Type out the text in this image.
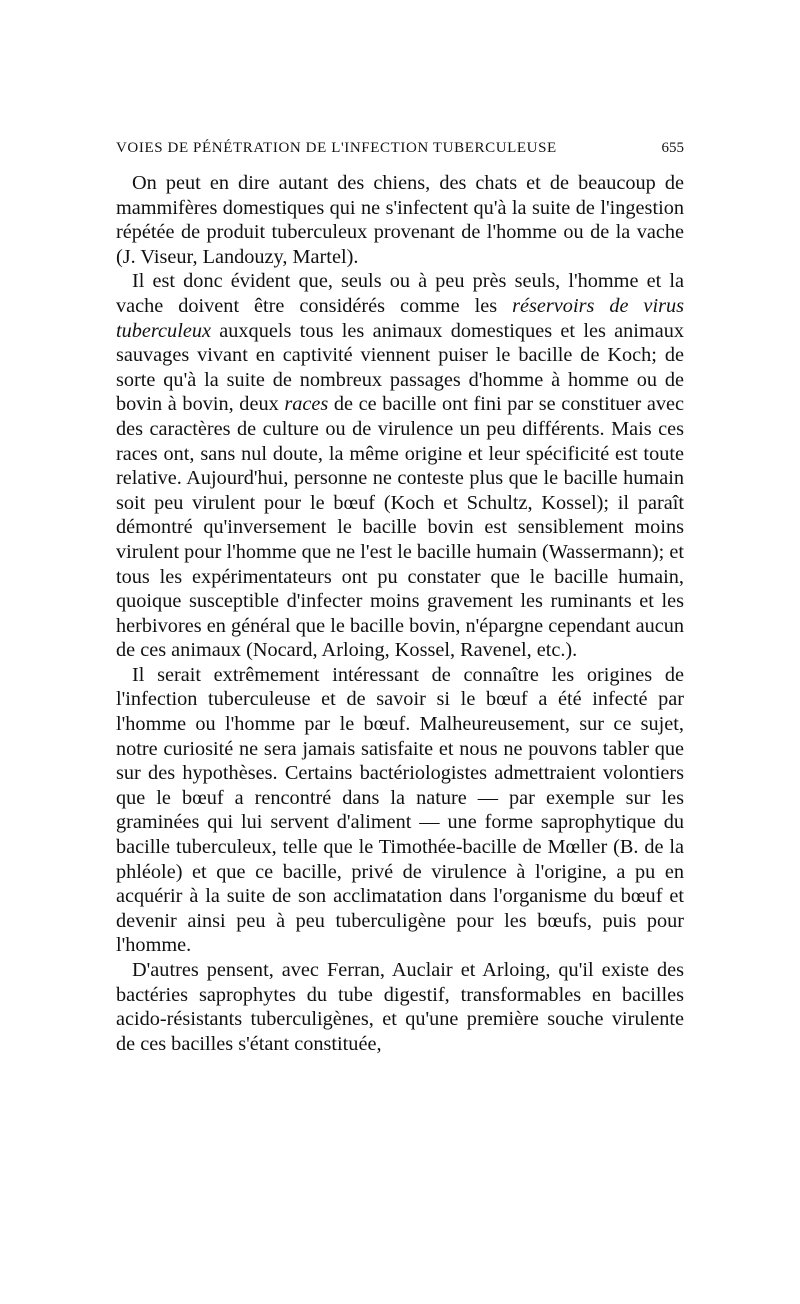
VOIES DE PÉNÉTRATION DE L'INFECTION TUBERCULEUSE	655

On peut en dire autant des chiens, des chats et de beaucoup de mammifères domestiques qui ne s'infectent qu'à la suite de l'ingestion répétée de produit tuberculeux provenant de l'homme ou de la vache (J. Viseur, Landouzy, Martel).

Il est donc évident que, seuls ou à peu près seuls, l'homme et la vache doivent être considérés comme les réservoirs de virus tuberculeux auxquels tous les animaux domestiques et les animaux sauvages vivant en captivité viennent puiser le bacille de Koch; de sorte qu'à la suite de nombreux passages d'homme à homme ou de bovin à bovin, deux races de ce bacille ont fini par se constituer avec des caractères de culture ou de virulence un peu différents. Mais ces races ont, sans nul doute, la même origine et leur spécificité est toute relative. Aujourd'hui, personne ne conteste plus que le bacille humain soit peu virulent pour le bœuf (Koch et Schultz, Kossel); il paraît démontré qu'inversement le bacille bovin est sensiblement moins virulent pour l'homme que ne l'est le bacille humain (Wassermann); et tous les expérimentateurs ont pu constater que le bacille humain, quoique susceptible d'infecter moins gravement les ruminants et les herbivores en général que le bacille bovin, n'épargne cependant aucun de ces animaux (Nocard, Arloing, Kossel, Ravenel, etc.).

Il serait extrêmement intéressant de connaître les origines de l'infection tuberculeuse et de savoir si le bœuf a été infecté par l'homme ou l'homme par le bœuf. Malheureusement, sur ce sujet, notre curiosité ne sera jamais satisfaite et nous ne pouvons tabler que sur des hypothèses. Certains bactériologistes admettraient volontiers que le bœuf a rencontré dans la nature — par exemple sur les graminées qui lui servent d'aliment — une forme saprophytique du bacille tuberculeux, telle que le Timothée-bacille de Mœller (B. de la phléole) et que ce bacille, privé de virulence à l'origine, a pu en acquérir à la suite de son acclimatation dans l'organisme du bœuf et devenir ainsi peu à peu tuberculigène pour les bœufs, puis pour l'homme.

D'autres pensent, avec Ferran, Auclair et Arloing, qu'il existe des bactéries saprophytes du tube digestif, transformables en bacilles acido-résistants tuberculigènes, et qu'une première souche virulente de ces bacilles s'étant constituée,
